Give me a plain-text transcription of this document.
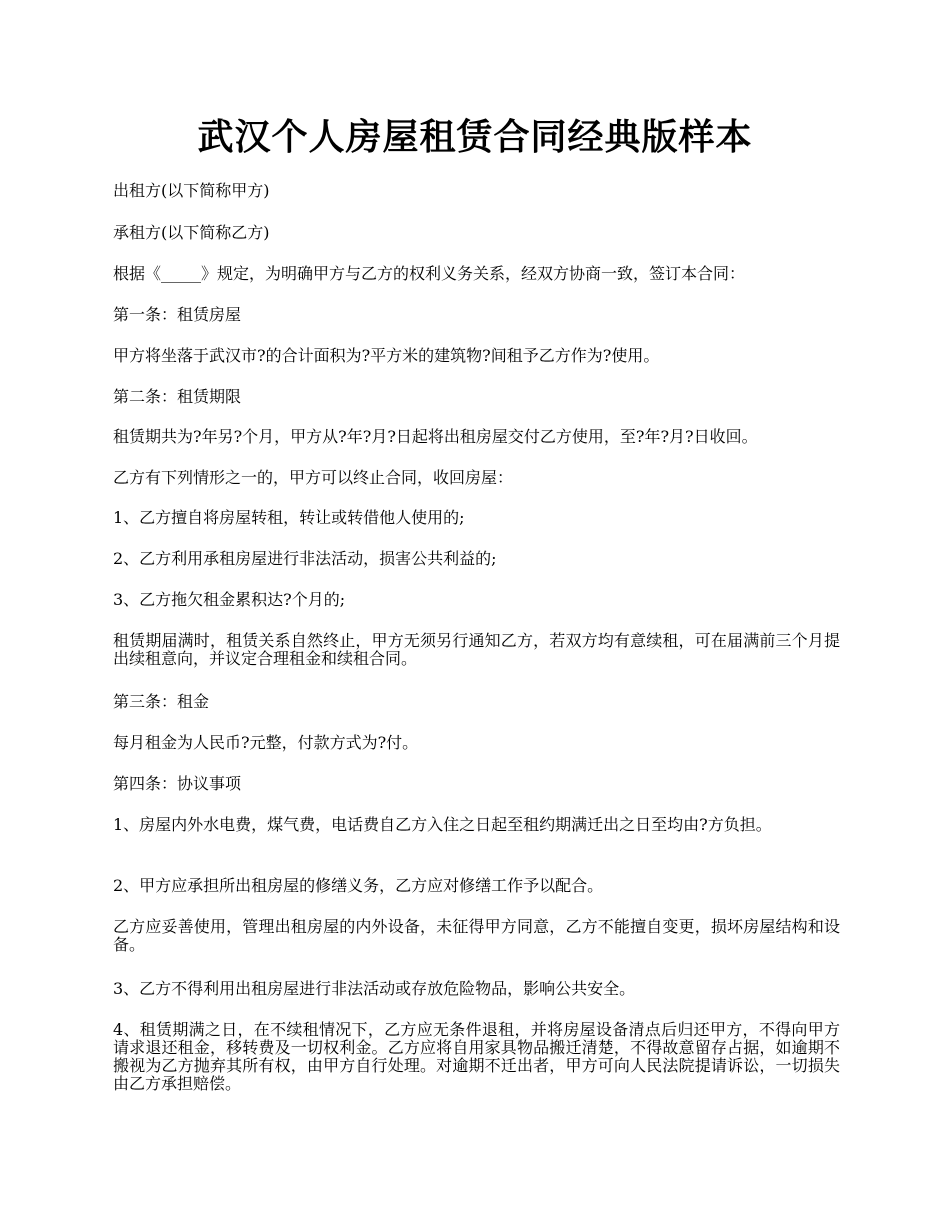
武汉个人房屋租赁合同经典版样本

出租方(以下简称甲方)

承租方(以下简称乙方)

根据《_____》规定，为明确甲方与乙方的权利义务关系，经双方协商一致，签订本合同：

第一条：租赁房屋

甲方将坐落于武汉市?的合计面积为?平方米的建筑物?间租予乙方作为?使用。

第二条：租赁期限

租赁期共为?年另?个月，甲方从?年?月?日起将出租房屋交付乙方使用，至?年?月?日收回。

乙方有下列情形之一的，甲方可以终止合同，收回房屋：

1、乙方擅自将房屋转租，转让或转借他人使用的;

2、乙方利用承租房屋进行非法活动，损害公共利益的;

3、乙方拖欠租金累积达?个月的;

租赁期届满时，租赁关系自然终止，甲方无须另行通知乙方，若双方均有意续租，可在届满前三个月提出续租意向，并议定合理租金和续租合同。

第三条：租金

每月租金为人民币?元整，付款方式为?付。

第四条：协议事项

1、房屋内外水电费，煤气费，电话费自乙方入住之日起至租约期满迁出之日至均由?方负担。

2、甲方应承担所出租房屋的修缮义务，乙方应对修缮工作予以配合。

乙方应妥善使用，管理出租房屋的内外设备，未征得甲方同意，乙方不能擅自变更，损坏房屋结构和设备。

3、乙方不得利用出租房屋进行非法活动或存放危险物品，影响公共安全。

4、租赁期满之日，在不续租情况下，乙方应无条件退租，并将房屋设备清点后归还甲方，不得向甲方请求退还租金，移转费及一切权利金。乙方应将自用家具物品搬迁清楚，不得故意留存占据，如逾期不搬视为乙方抛弃其所有权，由甲方自行处理。对逾期不迁出者，甲方可向人民法院提请诉讼，一切损失由乙方承担赔偿。
